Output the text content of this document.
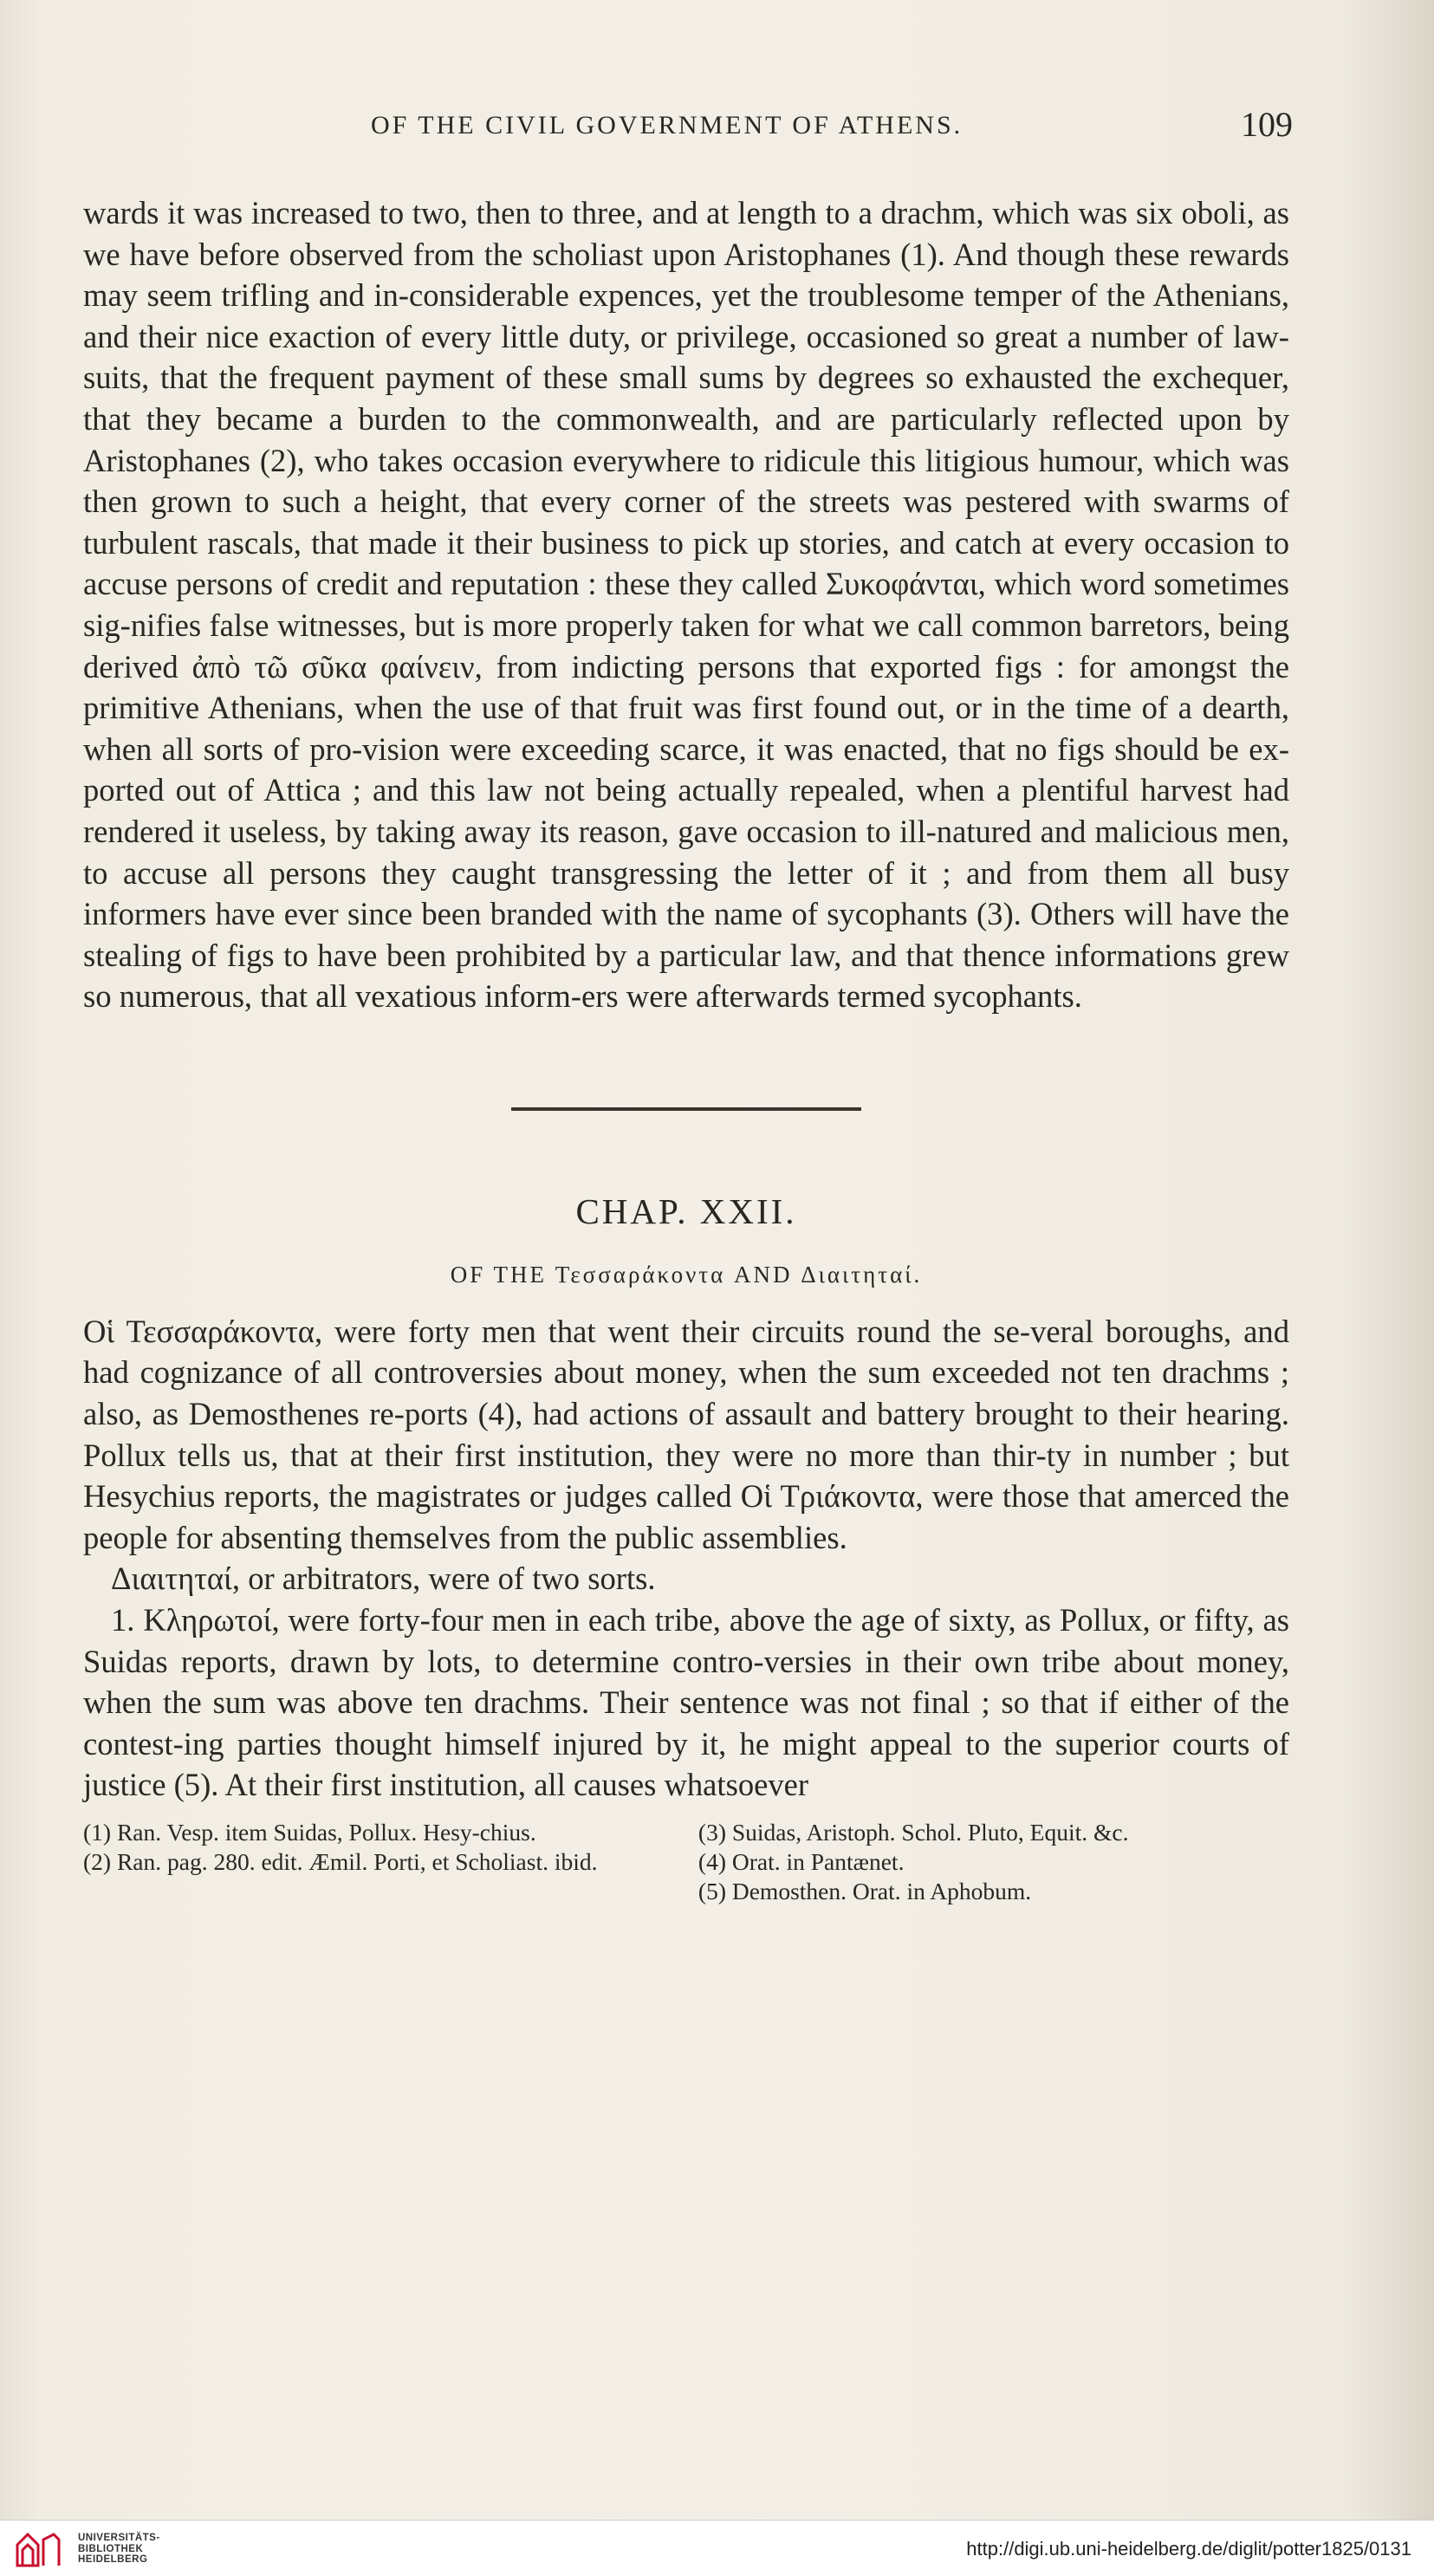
OF THE CIVIL GOVERNMENT OF ATHENS.	109

wards it was increased to two, then to three, and at length to a drachm, which was six oboli, as we have before observed from the scholiast upon Aristophanes (1). And though these rewards may seem trifling and in-considerable expences, yet the troublesome temper of the Athenians, and their nice exaction of every little duty, or privilege, occasioned so great a number of law-suits, that the frequent payment of these small sums by degrees so exhausted the exchequer, that they became a burden to the commonwealth, and are particularly reflected upon by Aristophanes (2), who takes occasion everywhere to ridicule this litigious humour, which was then grown to such a height, that every corner of the streets was pestered with swarms of turbulent rascals, that made it their business to pick up stories, and catch at every occasion to accuse persons of credit and reputation : these they called Συκοφάνται, which word sometimes sig-nifies false witnesses, but is more properly taken for what we call common barretors, being derived ἀπὸ τῶ σῦκα φαίνειν, from indicting persons that exported figs : for amongst the primitive Athenians, when the use of that fruit was first found out, or in the time of a dearth, when all sorts of pro-vision were exceeding scarce, it was enacted, that no figs should be ex-ported out of Attica ; and this law not being actually repealed, when a plentiful harvest had rendered it useless, by taking away its reason, gave occasion to ill-natured and malicious men, to accuse all persons they caught transgressing the letter of it ; and from them all busy informers have ever since been branded with the name of sycophants (3). Others will have the stealing of figs to have been prohibited by a particular law, and that thence informations grew so numerous, that all vexatious inform-ers were afterwards termed sycophants.

CHAP. XXII.
OF THE Τεσσαράκοντα AND Διαιτηταί.

Οἱ Τεσσαράκοντα, were forty men that went their circuits round the se-veral boroughs, and had cognizance of all controversies about money, when the sum exceeded not ten drachms ; also, as Demosthenes re-ports (4), had actions of assault and battery brought to their hearing. Pollux tells us, that at their first institution, they were no more than thir-ty in number ; but Hesychius reports, the magistrates or judges called Οἱ Τριάκοντα, were those that amerced the people for absenting themselves from the public assemblies.

Διαιτηταί, or arbitrators, were of two sorts.

1. Κληρωτοί, were forty-four men in each tribe, above the age of sixty, as Pollux, or fifty, as Suidas reports, drawn by lots, to determine contro-versies in their own tribe about money, when the sum was above ten drachms. Their sentence was not final ; so that if either of the contest-ing parties thought himself injured by it, he might appeal to the superior courts of justice (5). At their first institution, all causes whatsoever

(1) Ran. Vesp. item Suidas, Pollux. Hesy-chius.
(2) Ran. pag. 280. edit. Æmil. Porti, et Scholiast. ibid.
(3) Suidas, Aristoph. Schol. Pluto, Equit. &c.
(4) Orat. in Pantænet.
(5) Demosthen. Orat. in Aphobum.
UNIVERSITÄTS-
BIBLIOTHEK
HEIDELBERG	http://digi.ub.uni-heidelberg.de/diglit/potter1825/0131
